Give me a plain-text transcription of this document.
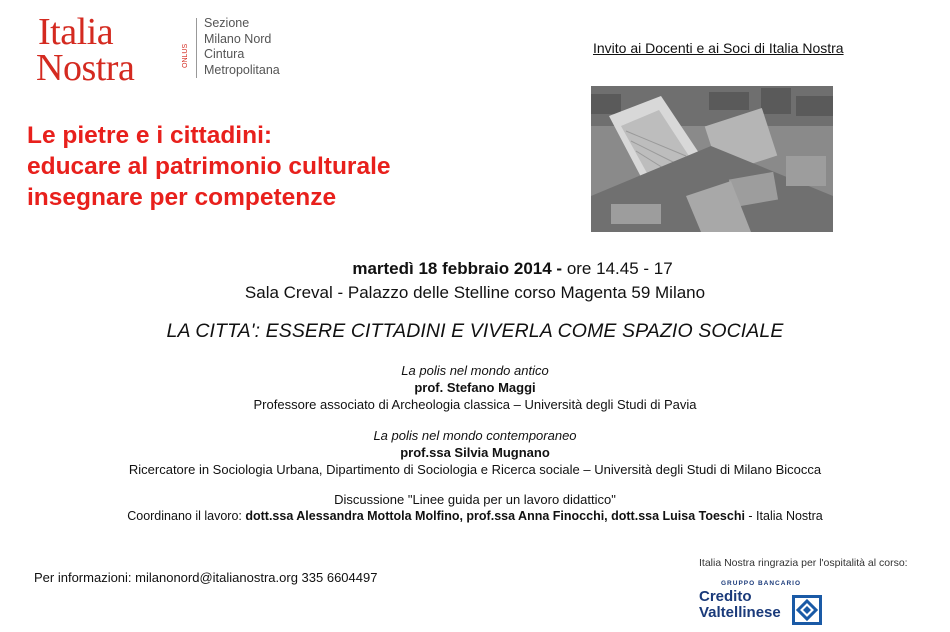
Italia
Nostra	ONLUS
Sezione
Milano Nord
Cintura
Metropolitana
Invito ai Docenti e ai Soci di Italia Nostra
Le pietre e i cittadini:
educare al patrimonio culturale
insegnare per competenze
martedì 18 febbraio 2014 - ore 14.45 - 17
Sala Creval - Palazzo delle Stelline corso Magenta 59 Milano
LA CITTA': ESSERE CITTADINI E VIVERLA COME SPAZIO SOCIALE
La polis nel mondo antico
prof. Stefano Maggi
Professore associato di Archeologia classica – Università degli Studi di Pavia
La polis nel mondo contemporaneo
prof.ssa Silvia Mugnano
Ricercatore in Sociologia Urbana, Dipartimento di Sociologia e Ricerca sociale – Università degli Studi di Milano Bicocca
Discussione "Linee guida per un lavoro didattico"
Coordinano il lavoro: dott.ssa Alessandra Mottola Molfino, prof.ssa Anna Finocchi, dott.ssa Luisa Toeschi - Italia Nostra
Per informazioni: milanonord@italianostra.org 335 6604497
Italia Nostra ringrazia per l'ospitalità al corso:
GRUPPO BANCARIO
Credito
Valtellinese
